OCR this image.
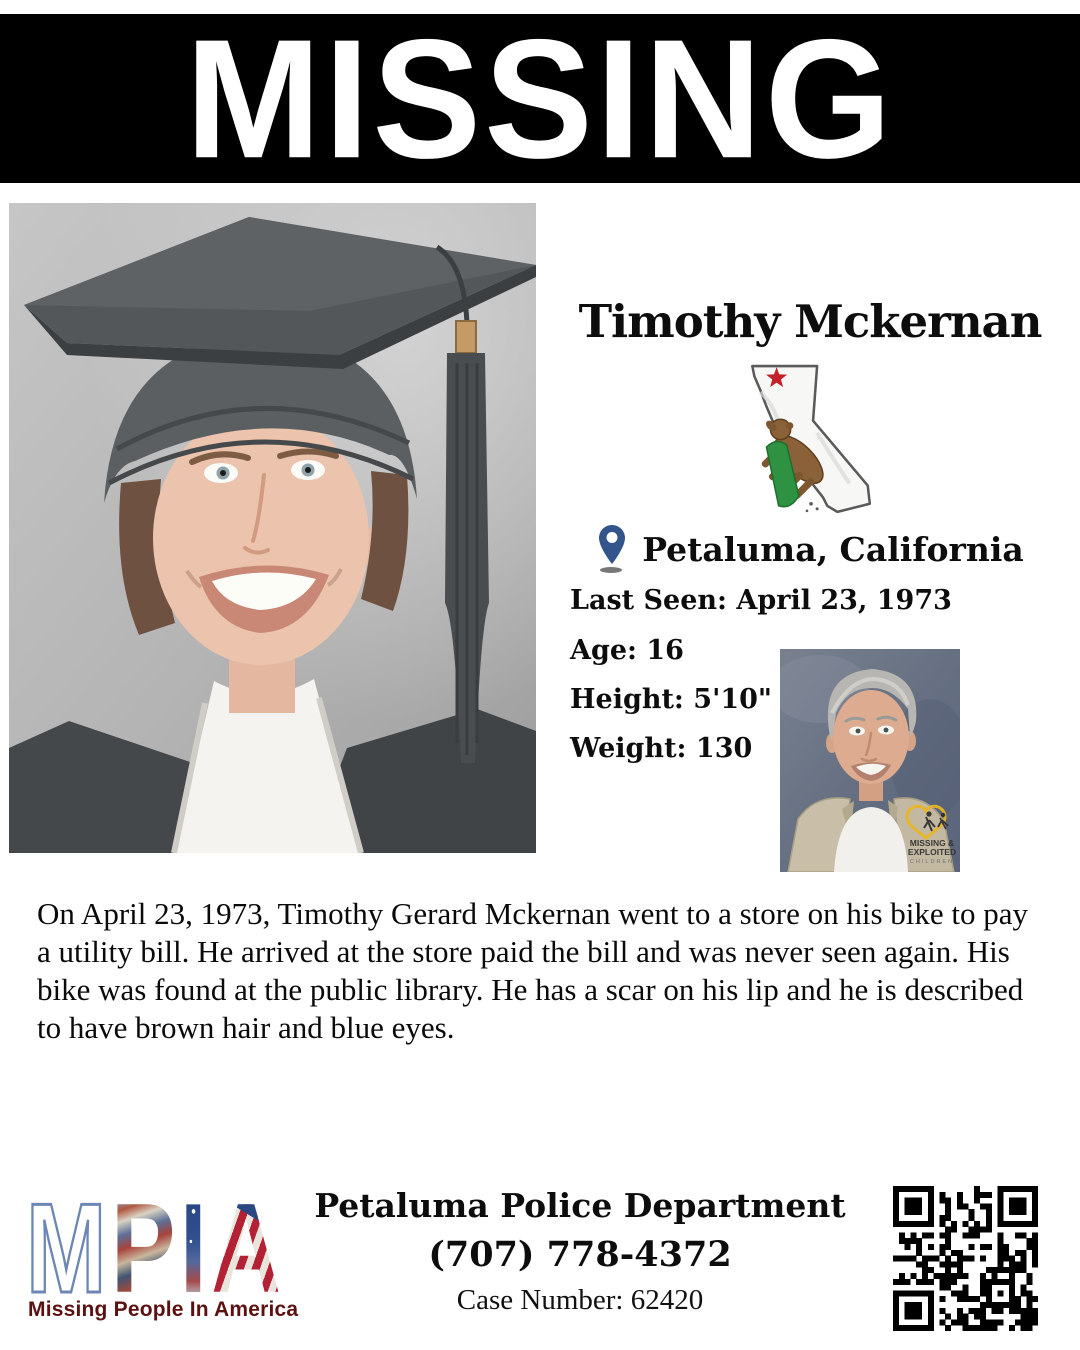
MISSING
Timothy Mckernan
Petaluma, California
Last Seen: April 23, 1973
Age: 16
Height: 5'10"
Weight: 130
MISSING &
EXPLOITED
CHILDREN

On April 23, 1973, Timothy Gerard Mckernan went to a store on his bike to pay a utility bill. He arrived at the store paid the bill and was never seen again. His bike was found at the public library. He has a scar on his lip and he is described to have brown hair and blue eyes.

M P I A
Missing People In America
Petaluma Police Department
(707) 778-4372
Case Number: 62420
